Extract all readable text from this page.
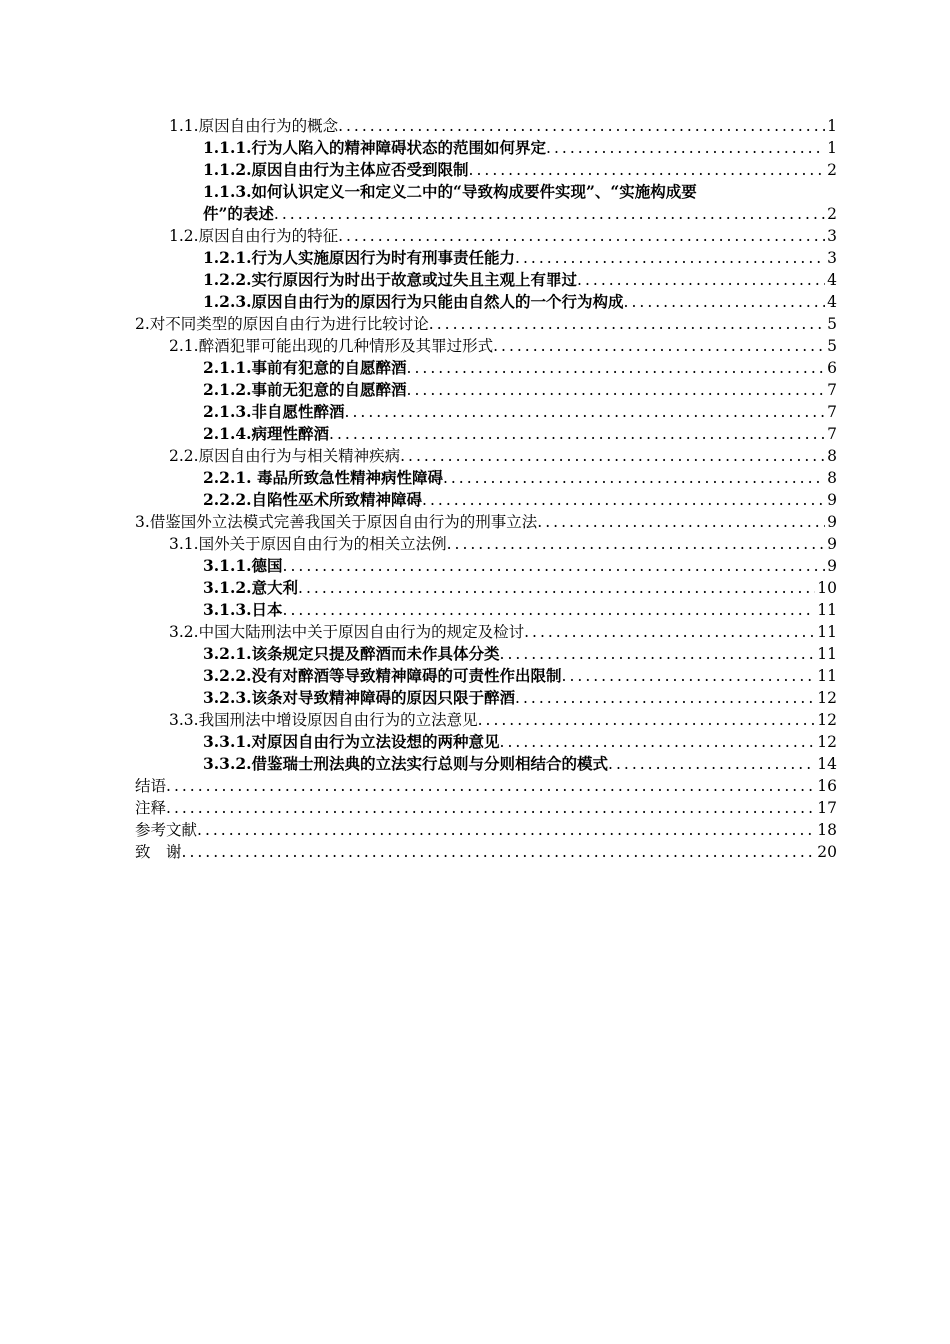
1.1.原因自由行为的概念 .....	1
1.1.1.行为人陷入的精神障碍状态的范围如何界定 .....	1
1.1.2.原因自由行为主体应否受到限制 .....	2
1.1.3.如何认识定义一和定义二中的“导致构成要件实现”、“实施构成要
件”的表述 .....	2
1.2.原因自由行为的特征 .....	3
1.2.1.行为人实施原因行为时有刑事责任能力 .....	3
1.2.2.实行原因行为时出于故意或过失且主观上有罪过 .....	4
1.2.3.原因自由行为的原因行为只能由自然人的一个行为构成 .....	4
2.对不同类型的原因自由行为进行比较讨论 .....	5
2.1.醉酒犯罪可能出现的几种情形及其罪过形式 .....	5
2.1.1.事前有犯意的自愿醉酒 .....	6
2.1.2.事前无犯意的自愿醉酒 .....	7
2.1.3.非自愿性醉酒 .....	7
2.1.4.病理性醉酒 .....	7
2.2.原因自由行为与相关精神疾病 .....	8
2.2.1. 毒品所致急性精神病性障碍 .....	8
2.2.2.自陷性巫术所致精神障碍 .....	9
3.借鉴国外立法模式完善我国关于原因自由行为的刑事立法 .....	9
3.1.国外关于原因自由行为的相关立法例 .....	9
3.1.1.德国 .....	9
3.1.2.意大利 .....	10
3.1.3.日本 .....	11
3.2.中国大陆刑法中关于原因自由行为的规定及检讨 .....	11
3.2.1.该条规定只提及醉酒而未作具体分类 .....	11
3.2.2.没有对醉酒等导致精神障碍的可责性作出限制 .....	11
3.2.3.该条对导致精神障碍的原因只限于醉酒 .....	12
3.3.我国刑法中增设原因自由行为的立法意见 .....	12
3.3.1.对原因自由行为立法设想的两种意见 .....	12
3.3.2.借鉴瑞士刑法典的立法实行总则与分则相结合的模式 .....	14
结语 .....	16
注释 .....	17
参考文献 .....	18
致　谢 .....	20
